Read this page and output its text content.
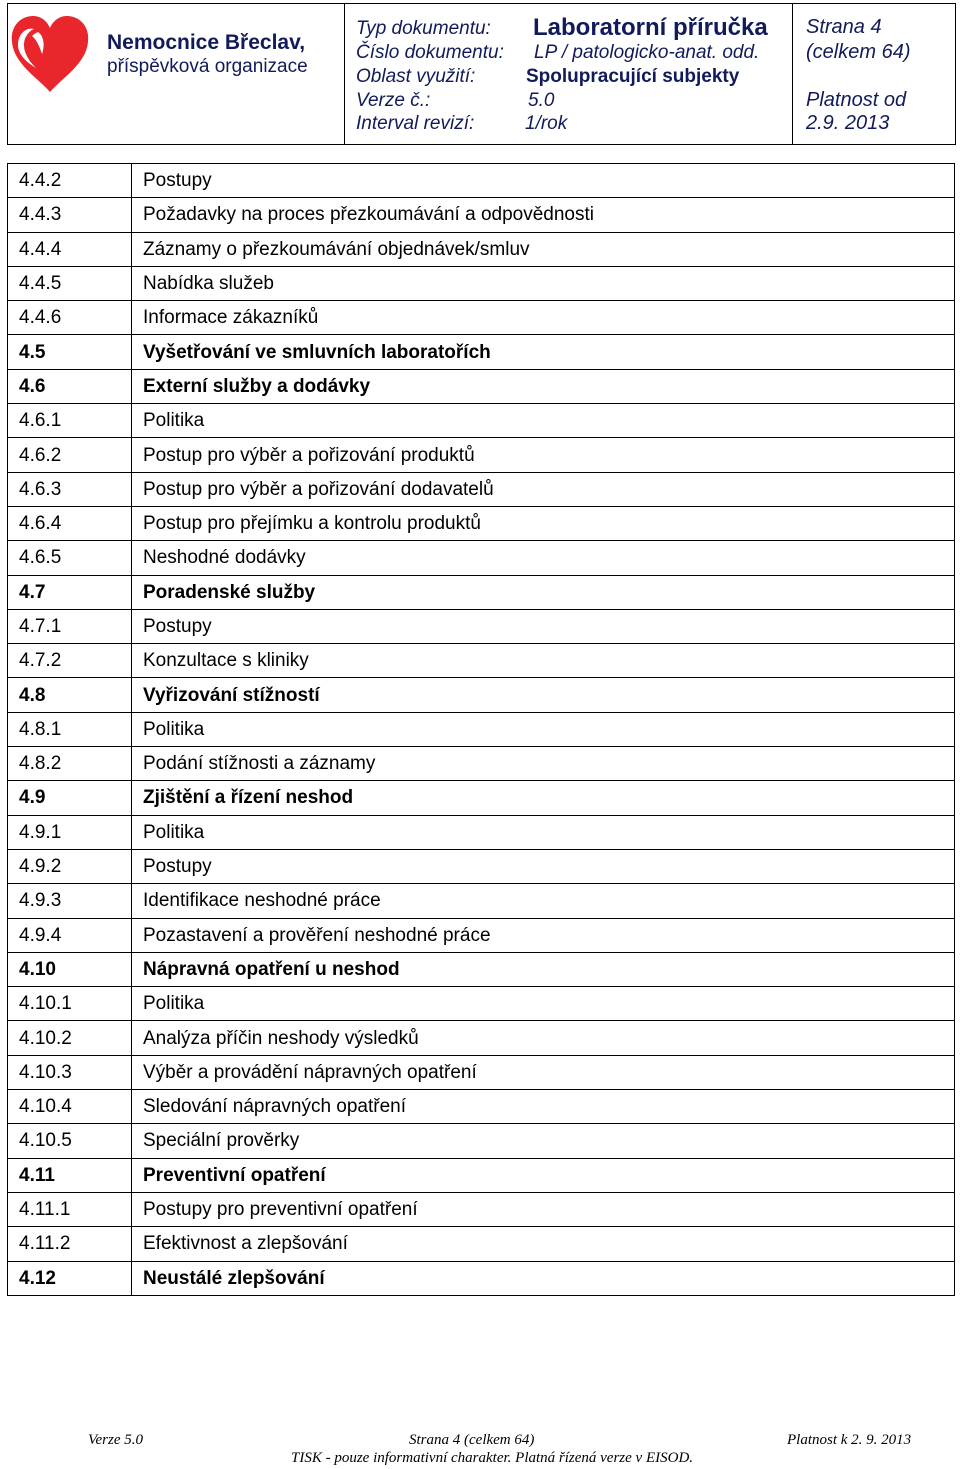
Nemocnice Břeclav,
příspěvková organizace
Typ dokumentu: Laboratorní příručka
Číslo dokumentu: LP / patologicko-anat. odd.
Oblast využití:	Spolupracující subjekty
Verze č.:	5.0
Interval revizí:	1/rok
Strana 4
(celkem 64)
Platnost od
2.9. 2013
4.4.2	Postupy
4.4.3	Požadavky na proces přezkoumávání a odpovědnosti
4.4.4	Záznamy o přezkoumávání objednávek/smluv
4.4.5	Nabídka služeb
4.4.6	Informace zákazníků
4.5	Vyšetřování ve smluvních laboratořích
4.6	Externí služby a dodávky
4.6.1	Politika
4.6.2	Postup pro výběr a pořizování produktů
4.6.3	Postup pro výběr a pořizování dodavatelů
4.6.4	Postup pro přejímku a kontrolu produktů
4.6.5	Neshodné dodávky
4.7	Poradenské služby
4.7.1	Postupy
4.7.2	Konzultace s kliniky
4.8	Vyřizování stížností
4.8.1	Politika
4.8.2	Podání stížnosti a záznamy
4.9	Zjištění a řízení neshod
4.9.1	Politika
4.9.2	Postupy
4.9.3	Identifikace neshodné práce
4.9.4	Pozastavení a prověření neshodné práce
4.10	Nápravná opatření u neshod
4.10.1	Politika
4.10.2	Analýza příčin neshody výsledků
4.10.3	Výběr a provádění nápravných opatření
4.10.4	Sledování nápravných opatření
4.10.5	Speciální prověrky
4.11	Preventivní opatření
4.11.1	Postupy pro preventivní opatření
4.11.2	Efektivnost a zlepšování
4.12	Neustálé zlepšování
Verze 5.0	Strana 4 (celkem 64)	Platnost k 2. 9. 2013
TISK - pouze informativní charakter. Platná řízená verze v EISOD.
